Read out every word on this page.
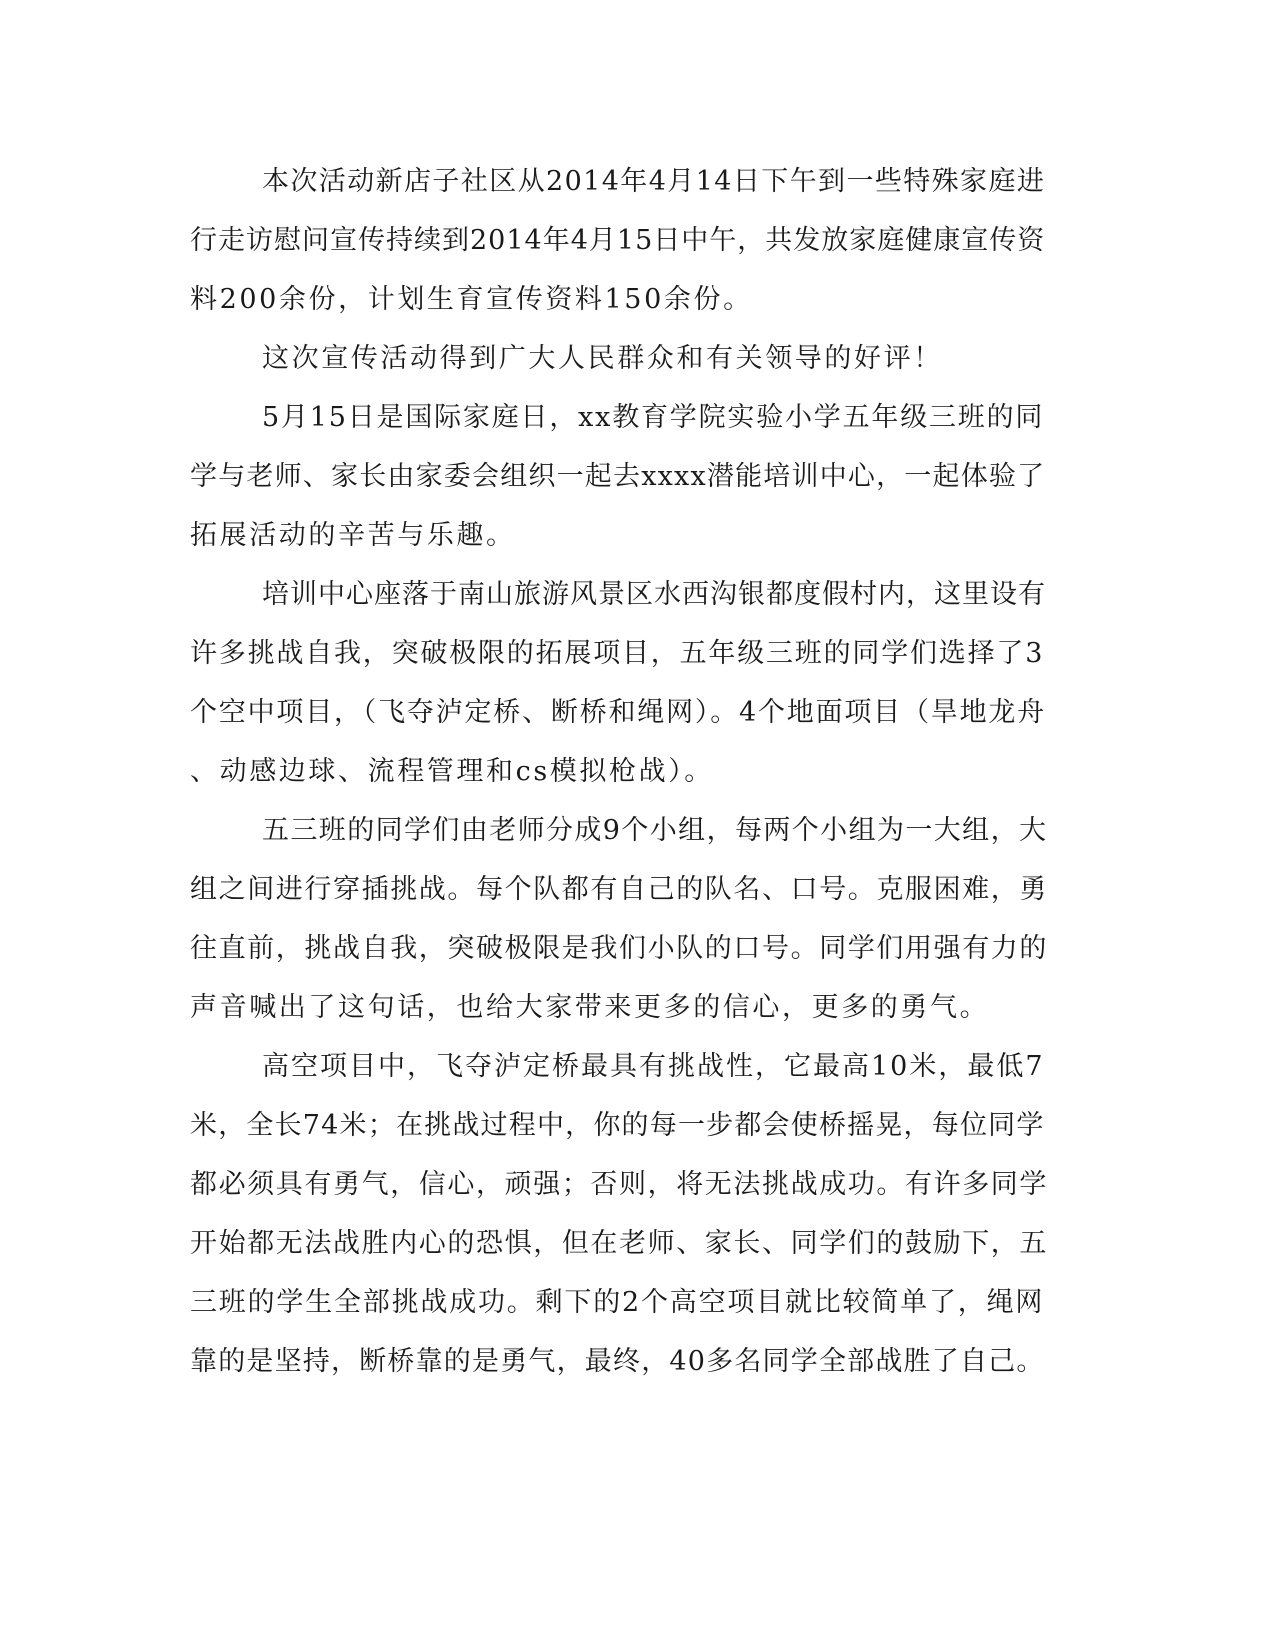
本次活动新店子社区从2014年4月14日下午到一些特殊家庭进
行走访慰问宣传持续到2014年4月15日中午，共发放家庭健康宣传资
料200余份，计划生育宣传资料150余份。
这次宣传活动得到广大人民群众和有关领导的好评！
5月15日是国际家庭日，xx教育学院实验小学五年级三班的同
学与老师、家长由家委会组织一起去xxxx潜能培训中心，一起体验了
拓展活动的辛苦与乐趣。
培训中心座落于南山旅游风景区水西沟银都度假村内，这里设有
许多挑战自我，突破极限的拓展项目，五年级三班的同学们选择了3
个空中项目，（飞夺泸定桥、断桥和绳网）。4个地面项目（旱地龙舟
、动感边球、流程管理和cs模拟枪战）。
五三班的同学们由老师分成9个小组，每两个小组为一大组，大
组之间进行穿插挑战。每个队都有自己的队名、口号。克服困难，勇
往直前，挑战自我，突破极限是我们小队的口号。同学们用强有力的
声音喊出了这句话，也给大家带来更多的信心，更多的勇气。
高空项目中，飞夺泸定桥最具有挑战性，它最高10米，最低7
米，全长74米；在挑战过程中，你的每一步都会使桥摇晃，每位同学
都必须具有勇气，信心，顽强；否则，将无法挑战成功。有许多同学
开始都无法战胜内心的恐惧，但在老师、家长、同学们的鼓励下，五
三班的学生全部挑战成功。剩下的2个高空项目就比较简单了，绳网
靠的是坚持，断桥靠的是勇气，最终，40多名同学全部战胜了自己。
